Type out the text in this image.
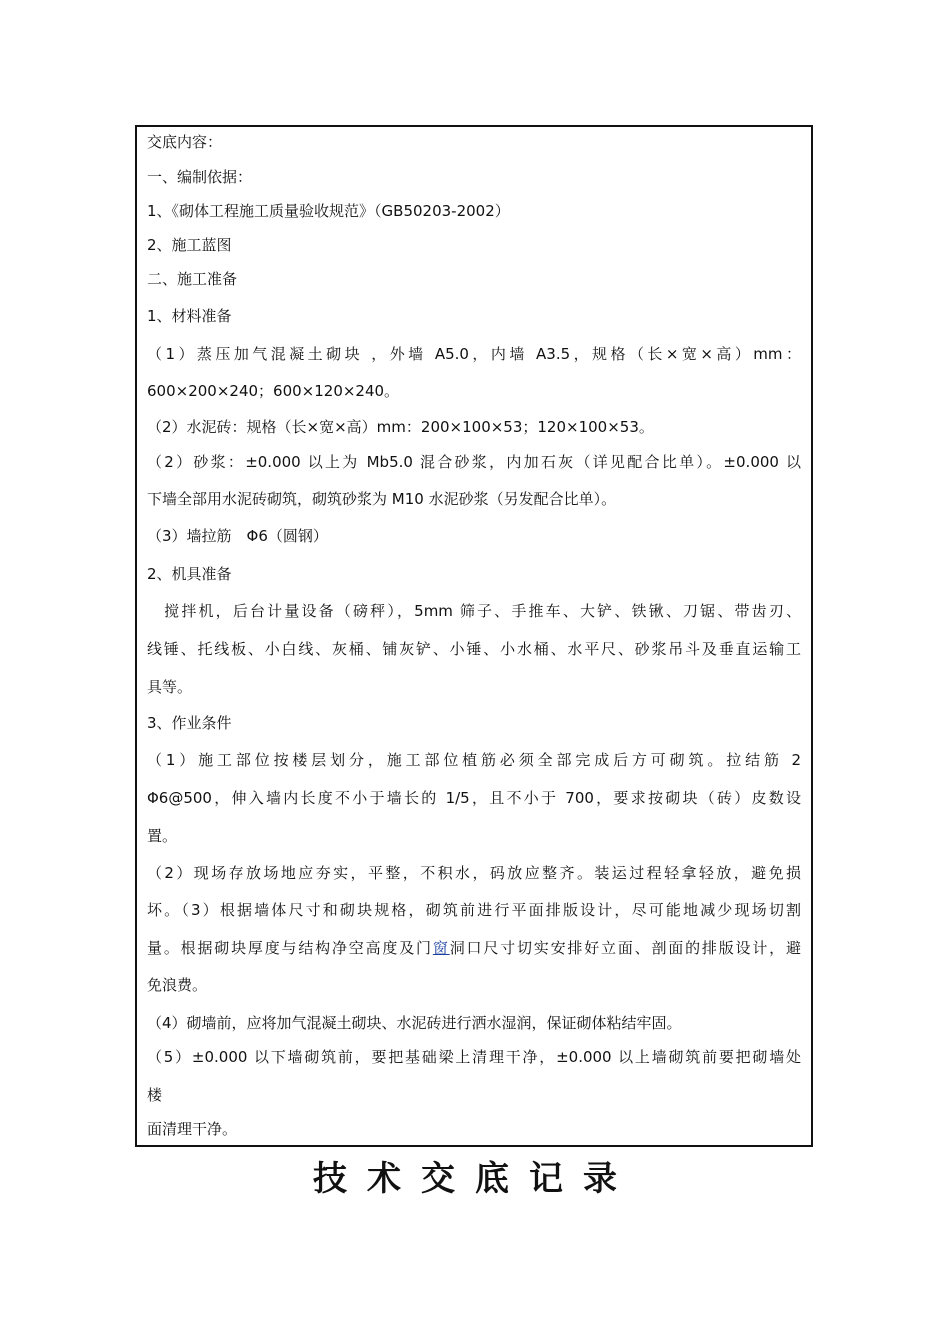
交底内容：
一、编制依据：
1、《砌体工程施工质量验收规范》（GB50203-2002）
2、施工蓝图
二、施工准备
1、材料准备
（1）蒸压加气混凝土砌块 ，外墙 A5.0，内墙 A3.5，规格（长×宽×高）mm：
600×200×240；600×120×240。
（2）水泥砖：规格（长×宽×高）mm：200×100×53；120×100×53。
（2）砂浆：±0.000 以上为 Mb5.0 混合砂浆，内加石灰（详见配合比单）。±0.000 以
下墙全部用水泥砖砌筑，砌筑砂浆为 M10 水泥砂浆（另发配合比单）。
（3）墙拉筋　Φ6（圆钢）
2、机具准备
　搅拌机，后台计量设备（磅秤），5mm 筛子、手推车、大铲、铁锹、刀锯、带齿刃、
线锤、托线板、小白线、灰桶、铺灰铲、小锤、小水桶、水平尺、砂浆吊斗及垂直运输工
具等。
3、作业条件
（1）施工部位按楼层划分，施工部位植筋必须全部完成后方可砌筑。拉结筋 2
Φ6@500，伸入墙内长度不小于墙长的 1/5，且不小于 700，要求按砌块（砖）皮数设
置。
（2）现场存放场地应夯实，平整，不积水，码放应整齐。装运过程轻拿轻放，避免损
坏。（3）根据墙体尺寸和砌块规格，砌筑前进行平面排版设计，尽可能地减少现场切割
量。根据砌块厚度与结构净空高度及门窗洞口尺寸切实安排好立面、剖面的排版设计，避
免浪费。
（4）砌墙前，应将加气混凝土砌块、水泥砖进行洒水湿润，保证砌体粘结牢固。
（5）±0.000 以下墙砌筑前，要把基础梁上清理干净，±0.000 以上墙砌筑前要把砌墙处
楼
面清理干净。
技术交底记录
